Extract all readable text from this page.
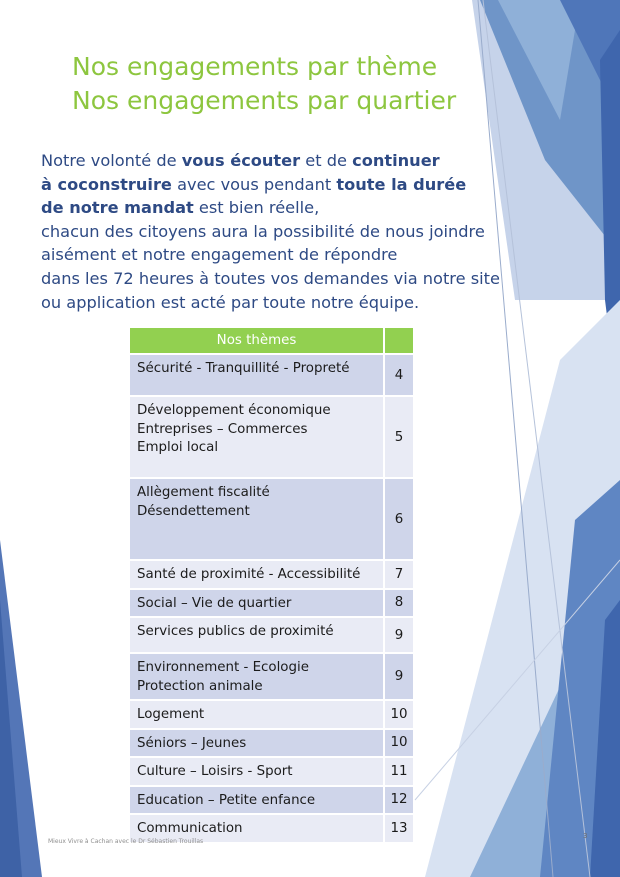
Nos engagements par thème
Nos engagements par quartier
Notre volonté de vous écouter et de continuer
à coconstruire avec vous pendant toute la durée
de notre mandat est bien réelle,
chacun des citoyens aura la possibilité de nous joindre
aisément et notre engagement de répondre
dans les 72 heures à toutes vos demandes via notre site
ou application est acté par toute notre équipe.
Nos thèmes	

Sécurité - Tranquillité - Propreté	4

Développement économique
Entreprises – Commerces
Emploi local	5

Allègement fiscalité
Désendettement	6

Santé de proximité - Accessibilité	7

Social – Vie de quartier	8

Services publics de proximité	9

Environnement - Ecologie
Protection animale	9

Logement	10

Séniors – Jeunes	10

Culture – Loisirs - Sport	11

Education – Petite enfance	12

Communication	13
Mieux Vivre à Cachan avec le Dr Sébastien Trouillas
3
